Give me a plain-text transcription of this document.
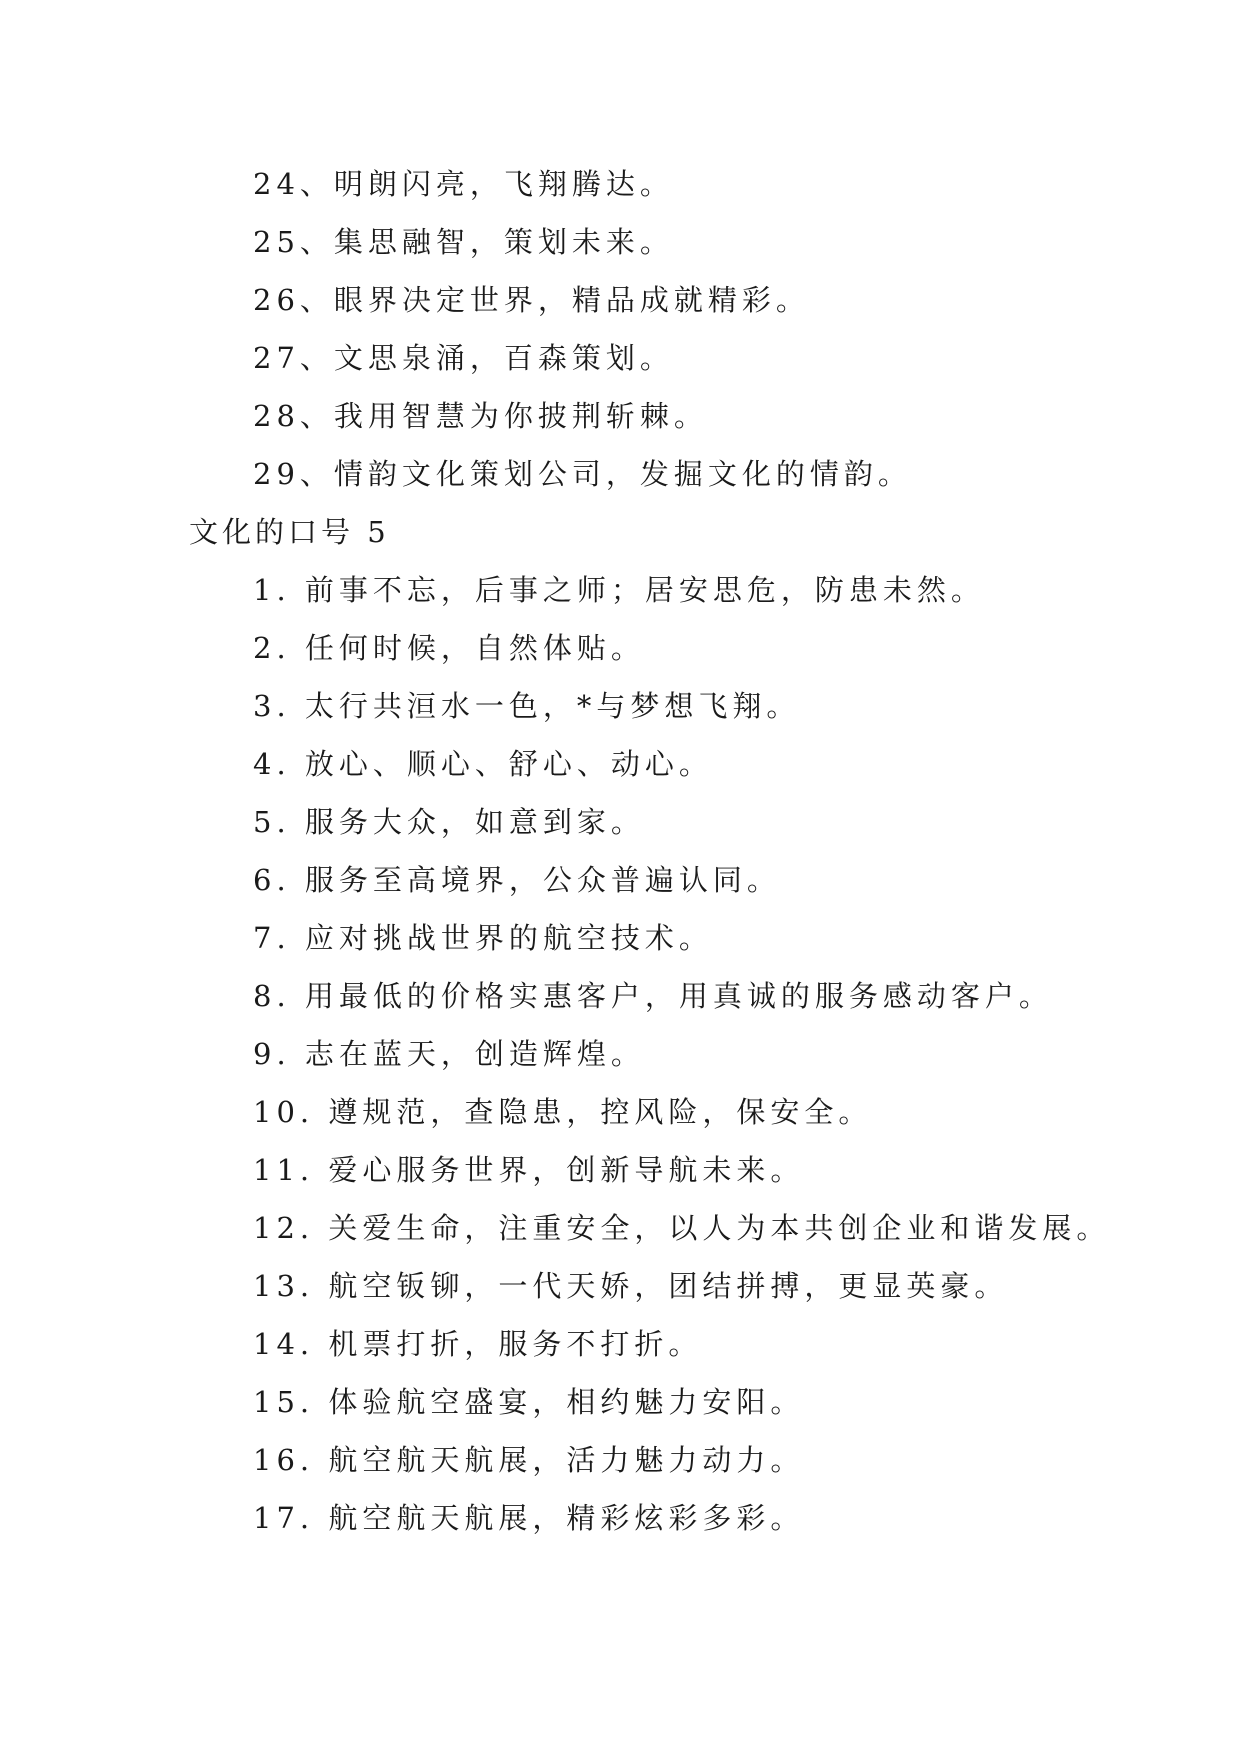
24、明朗闪亮，飞翔腾达。
25、集思融智，策划未来。
26、眼界决定世界，精品成就精彩。
27、文思泉涌，百森策划。
28、我用智慧为你披荆斩棘。
29、情韵文化策划公司，发掘文化的情韵。
文化的口号 5
1. 前事不忘，后事之师；居安思危，防患未然。
2. 任何时候，自然体贴。
3. 太行共洹水一色，*与梦想飞翔。
4. 放心、顺心、舒心、动心。
5. 服务大众，如意到家。
6. 服务至高境界，公众普遍认同。
7. 应对挑战世界的航空技术。
8. 用最低的价格实惠客户，用真诚的服务感动客户。
9. 志在蓝天，创造辉煌。
10. 遵规范，查隐患，控风险，保安全。
11. 爱心服务世界，创新导航未来。
12. 关爱生命，注重安全，以人为本共创企业和谐发展。
13. 航空钣铆，一代天娇，团结拼搏，更显英豪。
14. 机票打折，服务不打折。
15. 体验航空盛宴，相约魅力安阳。
16. 航空航天航展，活力魅力动力。
17. 航空航天航展，精彩炫彩多彩。
